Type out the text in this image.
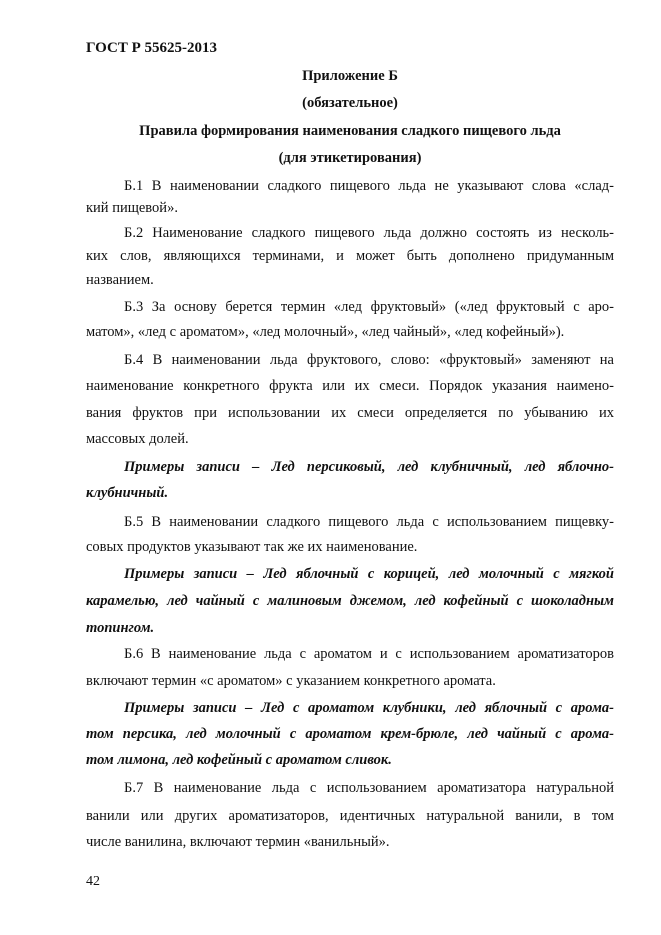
ГОСТ Р 55625-2013
Приложение Б
(обязательное)
Правила формирования наименования сладкого пищевого льда
(для этикетирования)
Б.1 В наименовании сладкого пищевого льда не указывают слова «слад-
кий пищевой».
Б.2 Наименование сладкого пищевого льда должно состоять из несколь-
ких слов, являющихся терминами, и может быть дополнено придуманным
названием.
Б.3 За основу берется термин «лед фруктовый» («лед фруктовый с аро-
матом», «лед с ароматом», «лед молочный», «лед чайный», «лед кофейный»).
Б.4 В наименовании льда фруктового, слово: «фруктовый» заменяют на
наименование конкретного фрукта или их смеси. Порядок указания наимено-
вания фруктов при использовании их смеси определяется по убыванию их
массовых долей.
Примеры записи – Лед персиковый, лед клубничный, лед яблочно-
клубничный.
Б.5 В наименовании сладкого пищевого льда с использованием пищевку-
совых продуктов указывают так же их наименование.
Примеры записи – Лед яблочный с корицей, лед молочный с мягкой
карамелью, лед чайный с малиновым джемом, лед кофейный с шоколадным
топингом.
Б.6 В наименование льда с ароматом и с использованием ароматизаторов
включают термин «с ароматом» с указанием конкретного аромата.
Примеры записи – Лед с ароматом клубники, лед яблочный с арома-
том персика, лед молочный с ароматом крем-брюле, лед чайный с арома-
том лимона, лед кофейный с ароматом сливок.
Б.7 В наименование льда с использованием ароматизатора натуральной
ванили или других ароматизаторов, идентичных натуральной ванили, в том
числе ванилина, включают термин «ванильный».
42
